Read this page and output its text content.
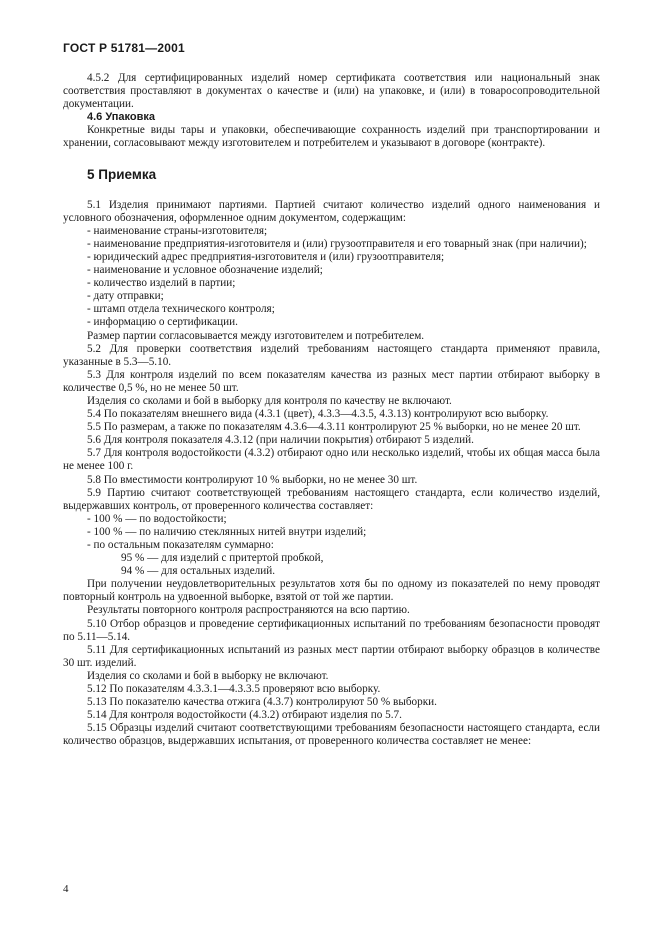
ГОСТ Р 51781—2001

4.5.2 Для сертифицированных изделий номер сертификата соответствия или национальный знак соответствия проставляют в документах о качестве и (или) на упаковке, и (или) в товаросопроводительной документации.

4.6 Упаковка

Конкретные виды тары и упаковки, обеспечивающие сохранность изделий при транспортировании и хранении, согласовывают между изготовителем и потребителем и указывают в договоре (контракте).

5 Приемка

5.1 Изделия принимают партиями. Партией считают количество изделий одного наименования и условного обозначения, оформленное одним документом, содержащим:

- наименование страны-изготовителя;

- наименование предприятия-изготовителя и (или) грузоотправителя и его товарный знак (при наличии);

- юридический адрес предприятия-изготовителя и (или) грузоотправителя;

- наименование и условное обозначение изделий;

- количество изделий в партии;

- дату отправки;

- штамп отдела технического контроля;

- информацию о сертификации.

Размер партии согласовывается между изготовителем и потребителем.

5.2 Для проверки соответствия изделий требованиям настоящего стандарта применяют правила, указанные в 5.3—5.10.

5.3 Для контроля изделий по всем показателям качества из разных мест партии отбирают выборку в количестве 0,5 %, но не менее 50 шт.

Изделия со сколами и бой в выборку для контроля по качеству не включают.

5.4 По показателям внешнего вида (4.3.1 (цвет), 4.3.3—4.3.5, 4.3.13) контролируют всю выборку.

5.5 По размерам, а также по показателям 4.3.6—4.3.11 контролируют 25 % выборки, но не менее 20 шт.

5.6 Для контроля показателя 4.3.12 (при наличии покрытия) отбирают 5 изделий.

5.7 Для контроля водостойкости (4.3.2) отбирают одно или несколько изделий, чтобы их общая масса была не менее 100 г.

5.8 По вместимости контролируют 10 % выборки, но не менее 30 шт.

5.9 Партию считают соответствующей требованиям настоящего стандарта, если количество изделий, выдержавших контроль, от проверенного количества составляет:

- 100 % — по водостойкости;

- 100 % — по наличию стеклянных нитей внутри изделий;

- по остальным показателям суммарно:

95 % — для изделий с притертой пробкой,

94 % — для остальных изделий.

При получении неудовлетворительных результатов хотя бы по одному из показателей по нему проводят повторный контроль на удвоенной выборке, взятой от той же партии.

Результаты повторного контроля распространяются на всю партию.

5.10 Отбор образцов и проведение сертификационных испытаний по требованиям безопасности проводят по 5.11—5.14.

5.11 Для сертификационных испытаний из разных мест партии отбирают выборку образцов в количестве 30 шт. изделий.

Изделия со сколами и бой в выборку не включают.

5.12 По показателям 4.3.3.1—4.3.3.5 проверяют всю выборку.

5.13 По показателю качества отжига (4.3.7) контролируют 50 % выборки.

5.14 Для контроля водостойкости (4.3.2) отбирают изделия по 5.7.

5.15 Образцы изделий считают соответствующими требованиям безопасности настоящего стандарта, если количество образцов, выдержавших испытания, от проверенного количества составляет не менее:

4
